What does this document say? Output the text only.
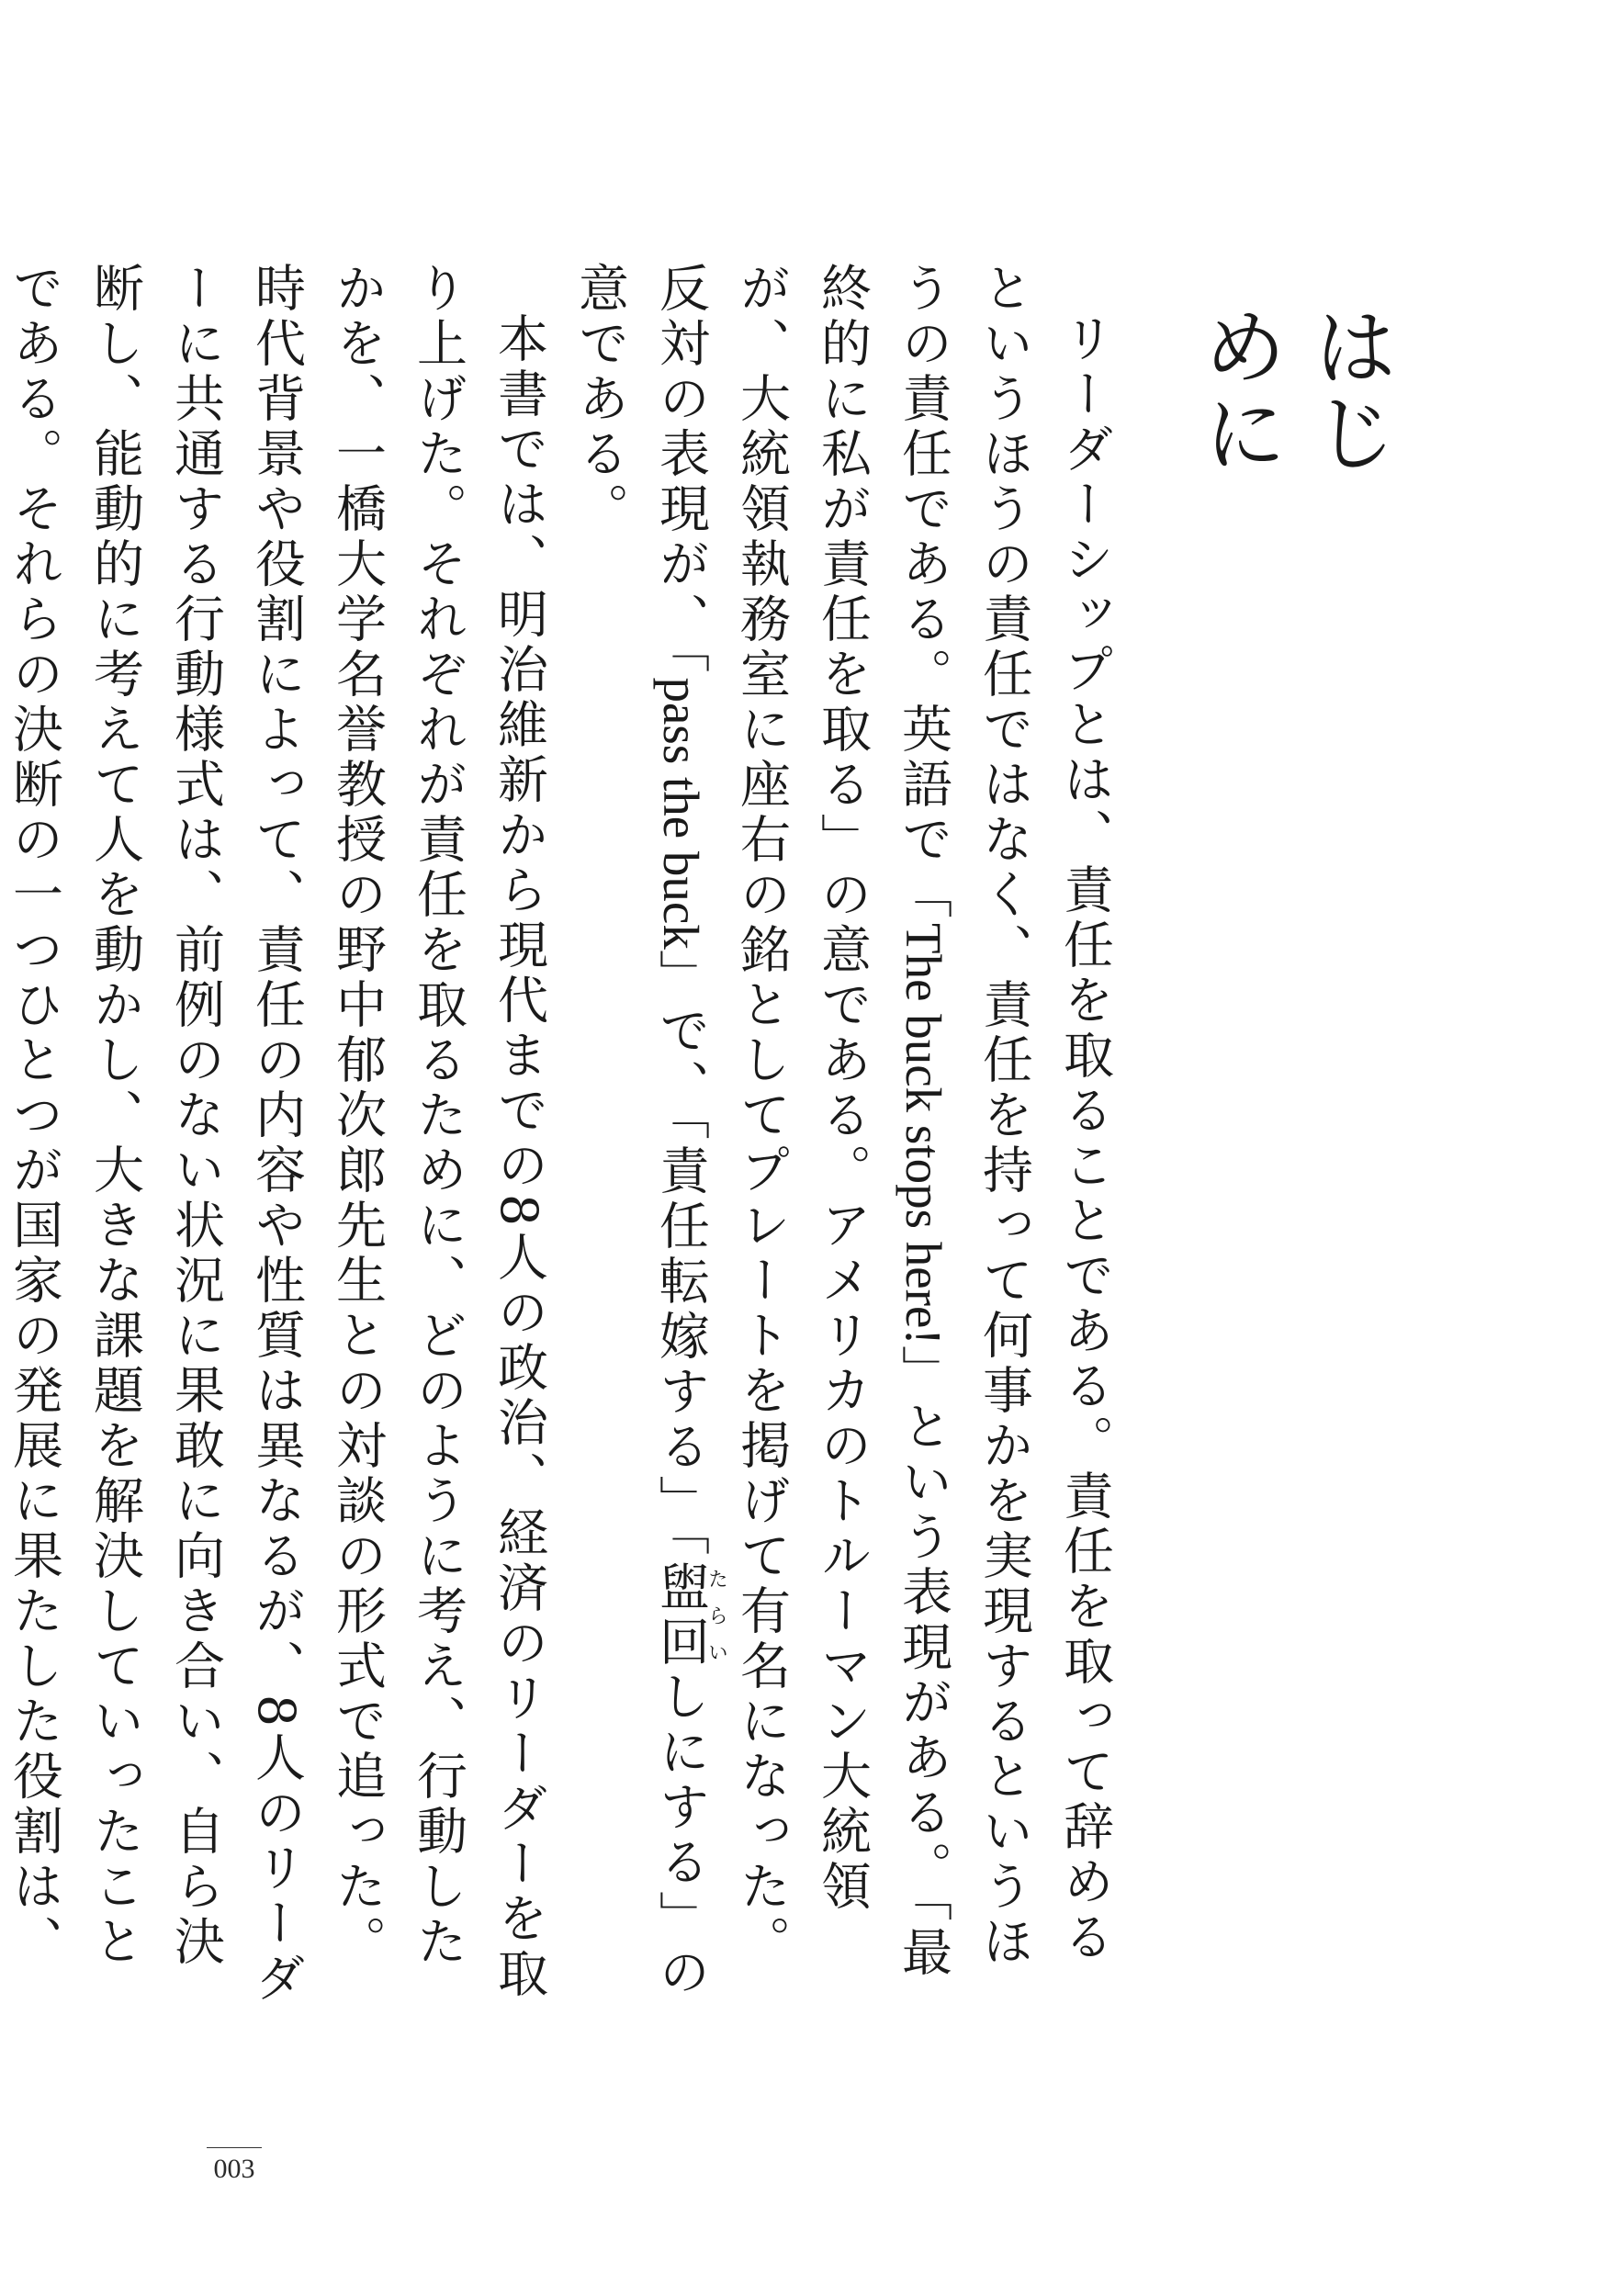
はじめに

リーダーシップとは、責任を取ることである。責任を取って辞めるというほうの責任ではなく、責任を持って何事かを実現するというほうの責任である。英語で「The buck stops here!」という表現がある。「最終的に私が責任を取る」の意である。アメリカのトルーマン大統領が、大統領執務室に座右の銘としてプレートを掲げて有名になった。反対の表現が、「pass the buck」で、「責任転嫁する」「盥回たらいしにする」の意である。

本書では、明治維新から現代までの8人の政治、経済のリーダーを取り上げた。それぞれが責任を取るために、どのように考え、行動したかを、一橋大学名誉教授の野中郁次郎先生との対談の形式で追った。時代背景や役割によって、責任の内容や性質は異なるが、8人のリーダーに共通する行動様式は、前例のない状況に果敢に向き合い、自ら決断し、能動的に考えて人を動かし、大きな課題を解決していったことである。それらの決断の一つひとつが国家の発展に果たした役割は、

003
